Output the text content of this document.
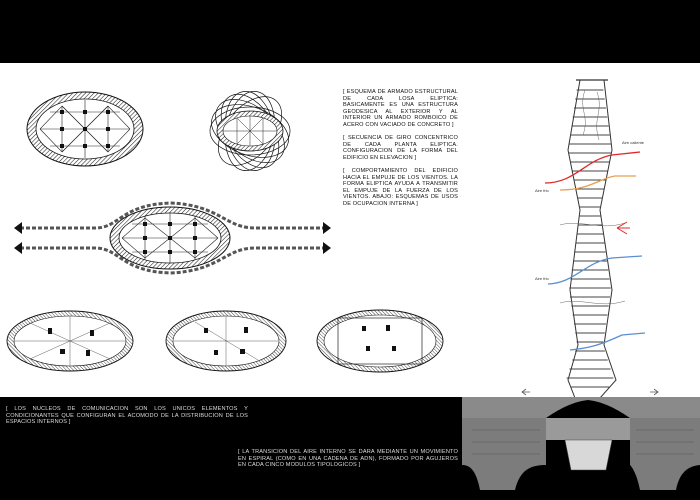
Aire caliente
Aire frio
Aire frio
[ ESQUEMA DE ARMADO ESTRUCTURAL DE CADA LOSA ELIPTICA: BASICAMENTE ES UNA ESTRUCTURA GEODESICA AL EXTERIOR Y AL INTERIOR UN ARMADO ROMBOICO DE ACERO CON VACIADO DE CONCRETO ]
[ SECUENCIA DE GIRO CONCENTRICO DE CADA PLANTA ELIPTICA. CONFIGURACION DE LA FORMA DEL EDIFICIO EN ELEVACION ]
[ COMPORTAMIENTO DEL EDIFICIO HACIA EL EMPUJE DE LOS VIENTOS. LA FORMA ELIPTICA AYUDA A TRANSMITIR EL EMPUJE DE LA FUERZA DE LOS VIENTOS. ABAJO: ESQUEMAS DE USOS DE OCUPACION INTERNA ]
[ LOS NUCLEOS DE COMUNICACION SON LOS UNICOS ELEMENTOS Y CONDICIONANTES QUE CONFIGURAN EL ACOMODO DE LA DISTRIBUCION DE LOS ESPACIOS INTERNOS ]
[ LA TRANSICION DEL AIRE INTERNO SE DARA MEDIANTE UN MOVIMIENTO EN ESPIRAL (COMO EN UNA CADENA DE ADN), FORMADO POR AGUJEROS EN CADA CINCO MODULOS TIPOLOGICOS ]
